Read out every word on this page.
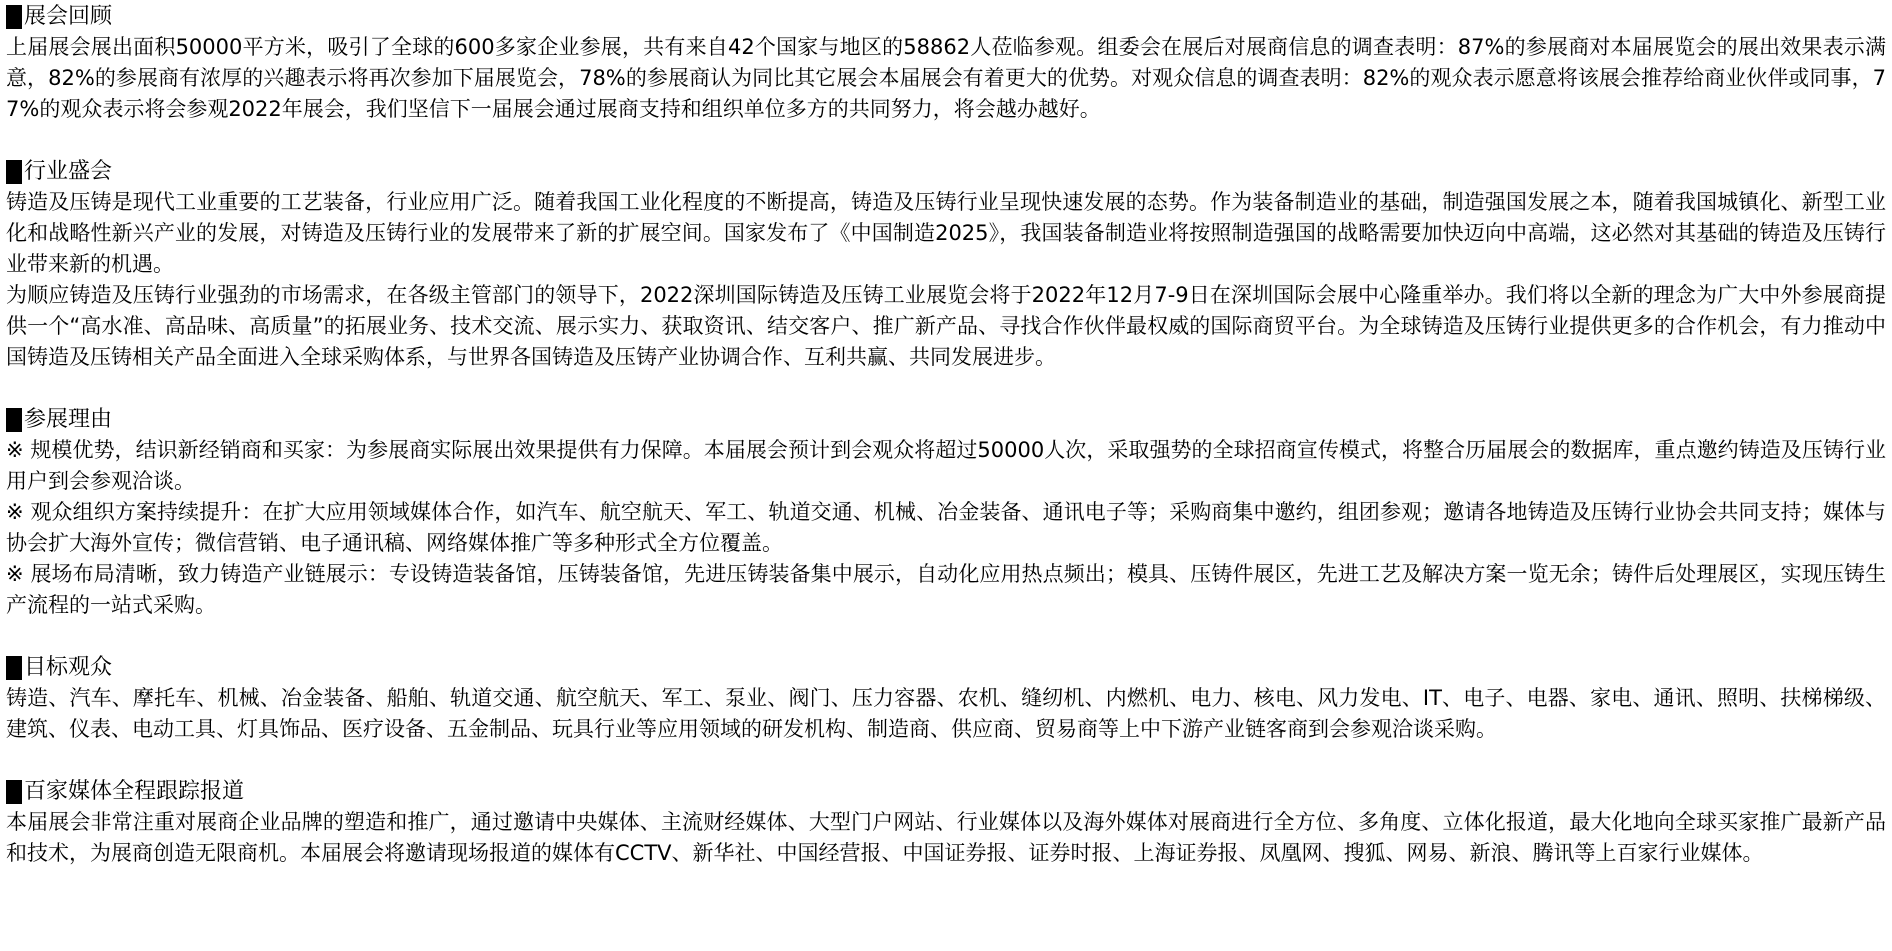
展会回顾

上届展会展出面积50000平方米，吸引了全球的600多家企业参展，共有来自42个国家与地区的58862人莅临参观。组委会在展后对展商信息的调查表明：87%的参展商对本届展览会的展出效果表示满意，82%的参展商有浓厚的兴趣表示将再次参加下届展览会，78%的参展商认为同比其它展会本届展会有着更大的优势。对观众信息的调查表明：82%的观众表示愿意将该展会推荐给商业伙伴或同事，77%的观众表示将会参观2022年展会，我们坚信下一届展会通过展商支持和组织单位多方的共同努力，将会越办越好。

行业盛会

铸造及压铸是现代工业重要的工艺装备，行业应用广泛。随着我国工业化程度的不断提高，铸造及压铸行业呈现快速发展的态势。作为装备制造业的基础，制造强国发展之本，随着我国城镇化、新型工业化和战略性新兴产业的发展，对铸造及压铸行业的发展带来了新的扩展空间。国家发布了《中国制造2025》，我国装备制造业将按照制造强国的战略需要加快迈向中高端，这必然对其基础的铸造及压铸行业带来新的机遇。

为顺应铸造及压铸行业强劲的市场需求，在各级主管部门的领导下，2022深圳国际铸造及压铸工业展览会将于2022年12月7-9日在深圳国际会展中心隆重举办。我们将以全新的理念为广大中外参展商提供一个“高水准、高品味、高质量”的拓展业务、技术交流、展示实力、获取资讯、结交客户、推广新产品、寻找合作伙伴最权威的国际商贸平台。为全球铸造及压铸行业提供更多的合作机会，有力推动中国铸造及压铸相关产品全面进入全球采购体系，与世界各国铸造及压铸产业协调合作、互利共赢、共同发展进步。

参展理由

※ 规模优势，结识新经销商和买家：为参展商实际展出效果提供有力保障。本届展会预计到会观众将超过50000人次，采取强势的全球招商宣传模式，将整合历届展会的数据库，重点邀约铸造及压铸行业用户到会参观洽谈。

※ 观众组织方案持续提升：在扩大应用领域媒体合作，如汽车、航空航天、军工、轨道交通、机械、冶金装备、通讯电子等；采购商集中邀约，组团参观；邀请各地铸造及压铸行业协会共同支持；媒体与协会扩大海外宣传；微信营销、电子通讯稿、网络媒体推广等多种形式全方位覆盖。

※ 展场布局清晰，致力铸造产业链展示：专设铸造装备馆，压铸装备馆，先进压铸装备集中展示，自动化应用热点频出；模具、压铸件展区，先进工艺及解决方案一览无余；铸件后处理展区，实现压铸生产流程的一站式采购。

目标观众

铸造、汽车、摩托车、机械、冶金装备、船舶、轨道交通、航空航天、军工、泵业、阀门、压力容器、农机、缝纫机、内燃机、电力、核电、风力发电、IT、电子、电器、家电、通讯、照明、扶梯梯级、建筑、仪表、电动工具、灯具饰品、医疗设备、五金制品、玩具行业等应用领域的研发机构、制造商、供应商、贸易商等上中下游产业链客商到会参观洽谈采购。

百家媒体全程跟踪报道

本届展会非常注重对展商企业品牌的塑造和推广，通过邀请中央媒体、主流财经媒体、大型门户网站、行业媒体以及海外媒体对展商进行全方位、多角度、立体化报道，最大化地向全球买家推广最新产品和技术，为展商创造无限商机。本届展会将邀请现场报道的媒体有CCTV、新华社、中国经营报、中国证券报、证券时报、上海证券报、凤凰网、搜狐、网易、新浪、腾讯等上百家行业媒体。
